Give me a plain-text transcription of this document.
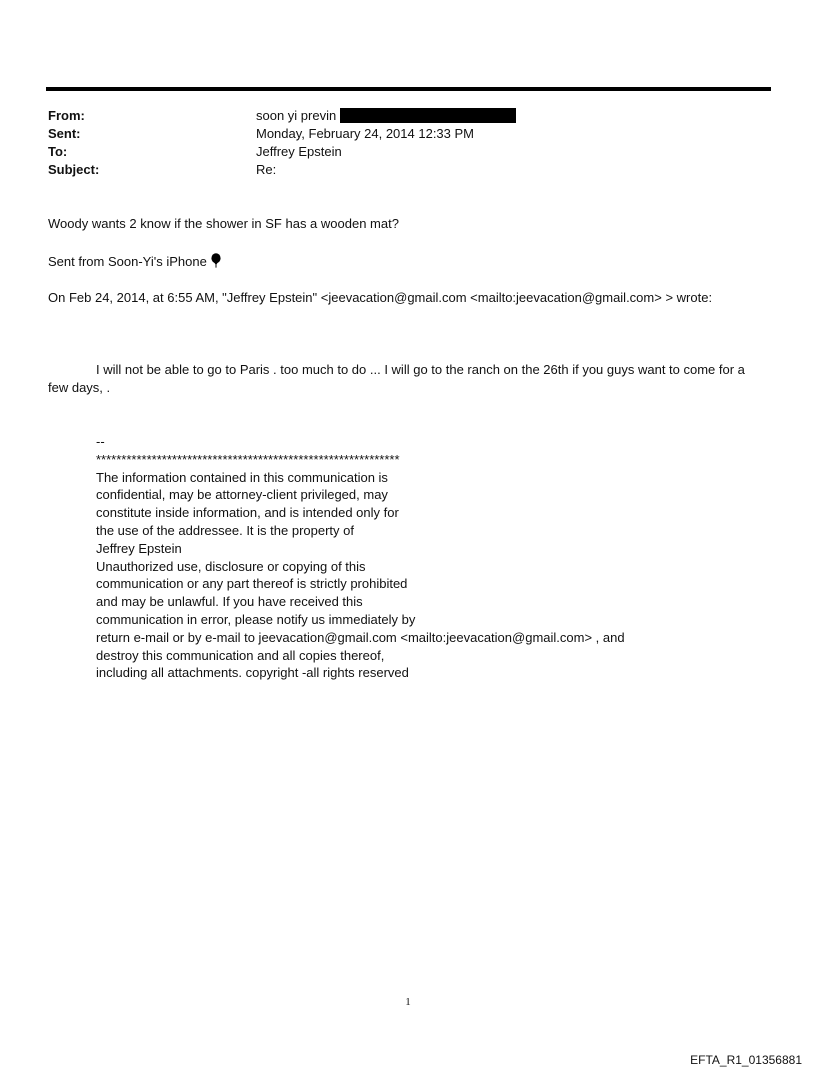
From:	soon yi previn
Sent:	Monday, February 24, 2014 12:33 PM
To:	Jeffrey Epstein
Subject:	Re:
Woody wants 2 know if the shower in SF has a wooden mat?
Sent from Soon-Yi's iPhone
On Feb 24, 2014, at 6:55 AM, "Jeffrey Epstein" <jeevacation@gmail.com <mailto:jeevacation@gmail.com> > wrote:
I will not be able to go to Paris . too much to do ... I will go to the ranch on the 26th if you guys want to come for a few days, .
--
************************************************************
The information contained in this communication is
confidential, may be attorney-client privileged, may
constitute inside information, and is intended only for
the use of the addressee. It is the property of
Jeffrey Epstein
Unauthorized use, disclosure or copying of this
communication or any part thereof is strictly prohibited
and may be unlawful. If you have received this
communication in error, please notify us immediately by
return e-mail or by e-mail to jeevacation@gmail.com <mailto:jeevacation@gmail.com> , and
destroy this communication and all copies thereof,
including all attachments. copyright -all rights reserved
1
EFTA_R1_01356881
